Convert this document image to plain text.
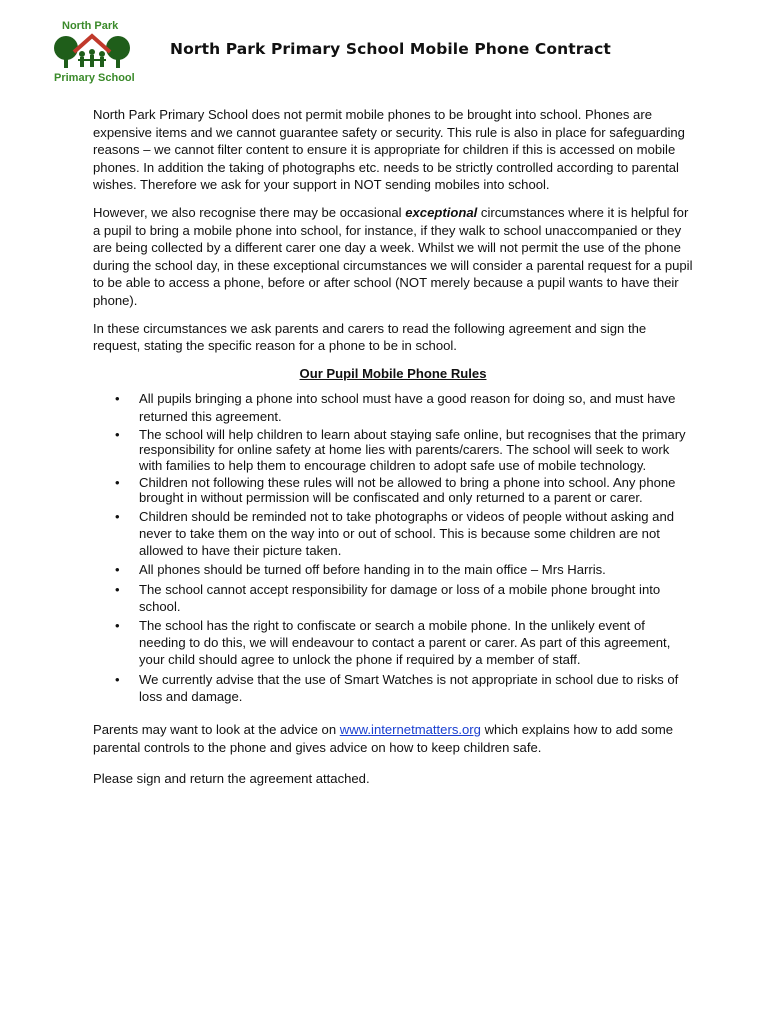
North Park
Primary School
North Park Primary School Mobile Phone Contract

North Park Primary School does not permit mobile phones to be brought into school. Phones are expensive items and we cannot guarantee safety or security. This rule is also in place for safeguarding reasons – we cannot filter content to ensure it is appropriate for children if this is accessed on mobile phones. In addition the taking of photographs etc. needs to be strictly controlled according to parental wishes. Therefore we ask for your support in NOT sending mobiles into school.

However, we also recognise there may be occasional exceptional circumstances where it is helpful for a pupil to bring a mobile phone into school, for instance, if they walk to school unaccompanied or they are being collected by a different carer one day a week. Whilst we will not permit the use of the phone during the school day, in these exceptional circumstances we will consider a parental request for a pupil to be able to access a phone, before or after school (NOT merely because a pupil wants to have their phone).

In these circumstances we ask parents and carers to read the following agreement and sign the request, stating the specific reason for a phone to be in school.

Our Pupil Mobile Phone Rules
• All pupils bringing a phone into school must have a good reason for doing so, and must have returned this agreement.
• The school will help children to learn about staying safe online, but recognises that the primary responsibility for online safety at home lies with parents/carers. The school will seek to work with families to help them to encourage children to adopt safe use of mobile technology.
• Children not following these rules will not be allowed to bring a phone into school. Any phone brought in without permission will be confiscated and only returned to a parent or carer.
• Children should be reminded not to take photographs or videos of people without asking and never to take them on the way into or out of school. This is because some children are not allowed to have their picture taken.
• All phones should be turned off before handing in to the main office – Mrs Harris.
• The school cannot accept responsibility for damage or loss of a mobile phone brought into school.
• The school has the right to confiscate or search a mobile phone. In the unlikely event of needing to do this, we will endeavour to contact a parent or carer. As part of this agreement, your child should agree to unlock the phone if required by a member of staff.
• We currently advise that the use of Smart Watches is not appropriate in school due to risks of loss and damage.

Parents may want to look at the advice on www.internetmatters.org which explains how to add some parental controls to the phone and gives advice on how to keep children safe.

Please sign and return the agreement attached.
